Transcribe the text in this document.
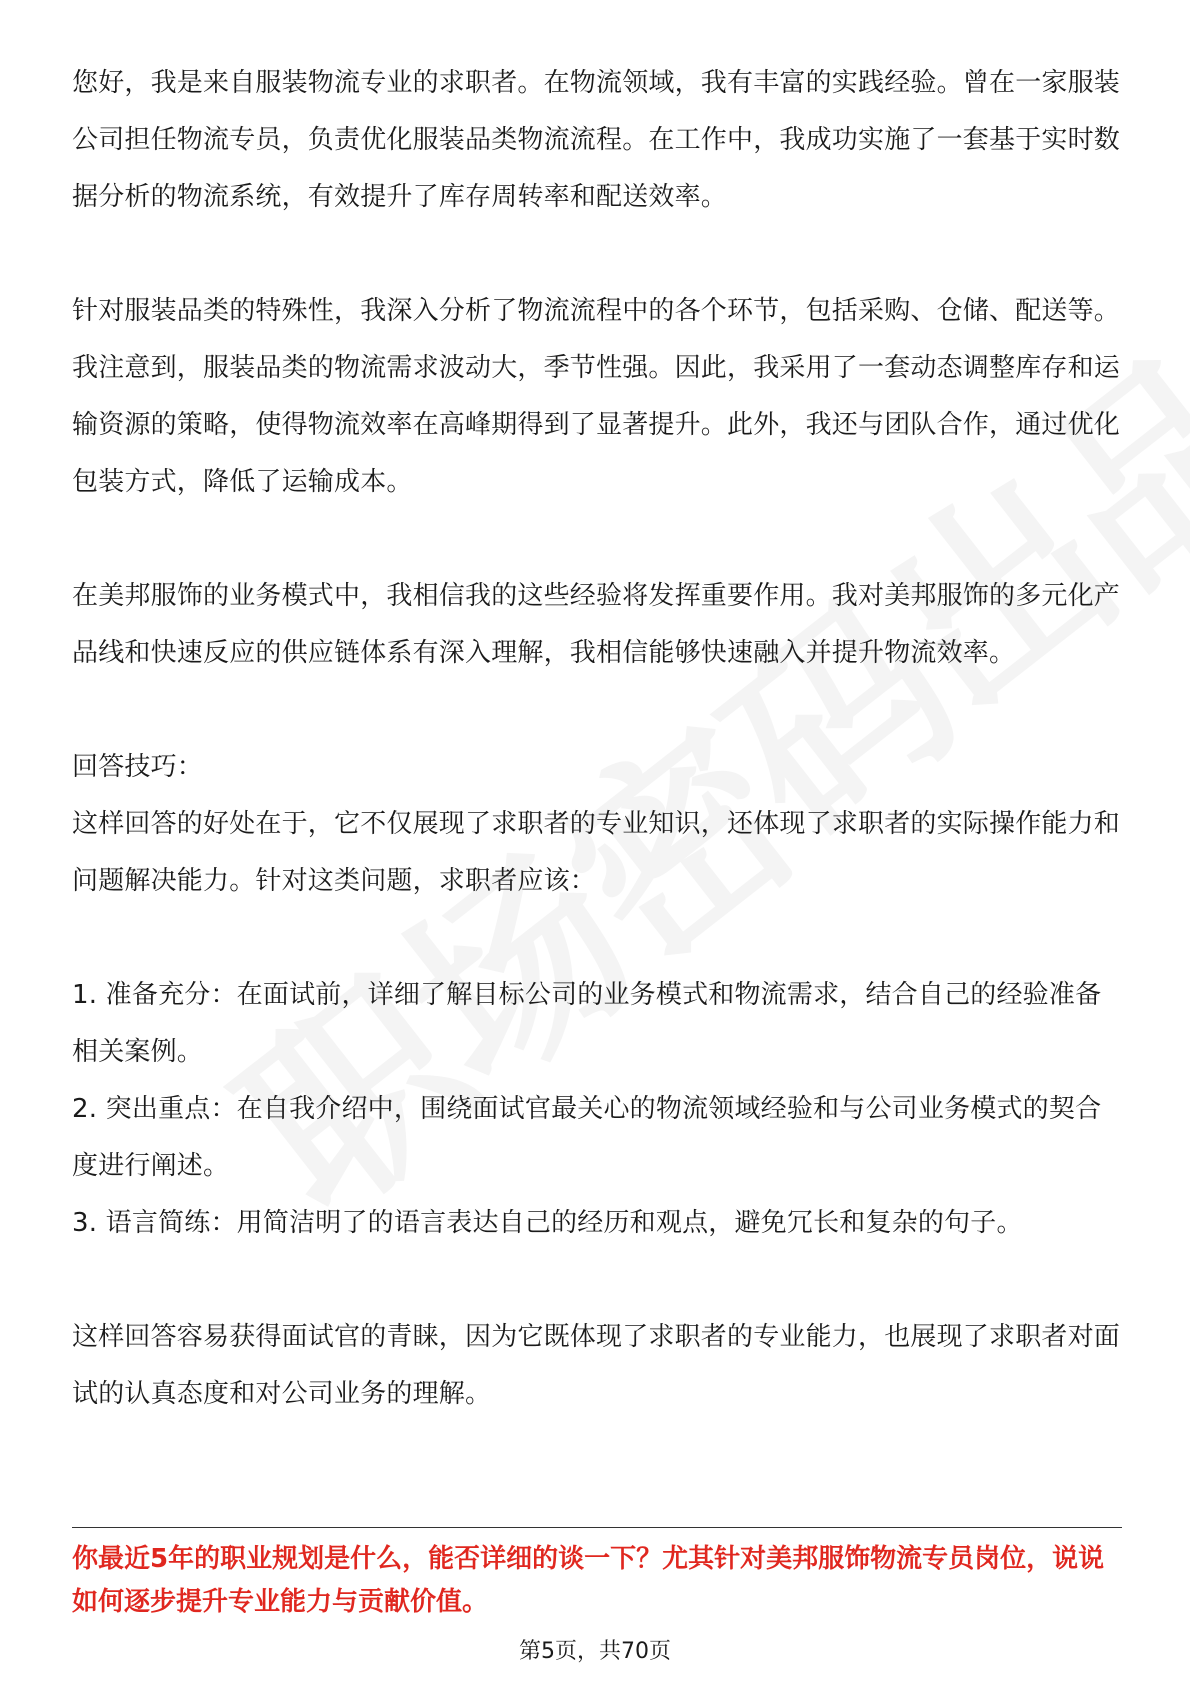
您好，我是来自服装物流专业的求职者。在物流领域，我有丰富的实践经验。曾在一家服装公司担任物流专员，负责优化服装品类物流流程。在工作中，我成功实施了一套基于实时数据分析的物流系统，有效提升了库存周转率和配送效率。

针对服装品类的特殊性，我深入分析了物流流程中的各个环节，包括采购、仓储、配送等。我注意到，服装品类的物流需求波动大，季节性强。因此，我采用了一套动态调整库存和运输资源的策略，使得物流效率在高峰期得到了显著提升。此外，我还与团队合作，通过优化包装方式，降低了运输成本。

在美邦服饰的业务模式中，我相信我的这些经验将发挥重要作用。我对美邦服饰的多元化产品线和快速反应的供应链体系有深入理解，我相信能够快速融入并提升物流效率。

回答技巧：

这样回答的好处在于，它不仅展现了求职者的专业知识，还体现了求职者的实际操作能力和问题解决能力。针对这类问题，求职者应该：

1. 准备充分：在面试前，详细了解目标公司的业务模式和物流需求，结合自己的经验准备相关案例。

2. 突出重点：在自我介绍中，围绕面试官最关心的物流领域经验和与公司业务模式的契合度进行阐述。

3. 语言简练：用简洁明了的语言表达自己的经历和观点，避免冗长和复杂的句子。

这样回答容易获得面试官的青睐，因为它既体现了求职者的专业能力，也展现了求职者对面试的认真态度和对公司业务的理解。

你最近5年的职业规划是什么，能否详细的谈一下？尤其针对美邦服饰物流专员岗位，说说如何逐步提升专业能力与贡献价值。

第5页，共70页
